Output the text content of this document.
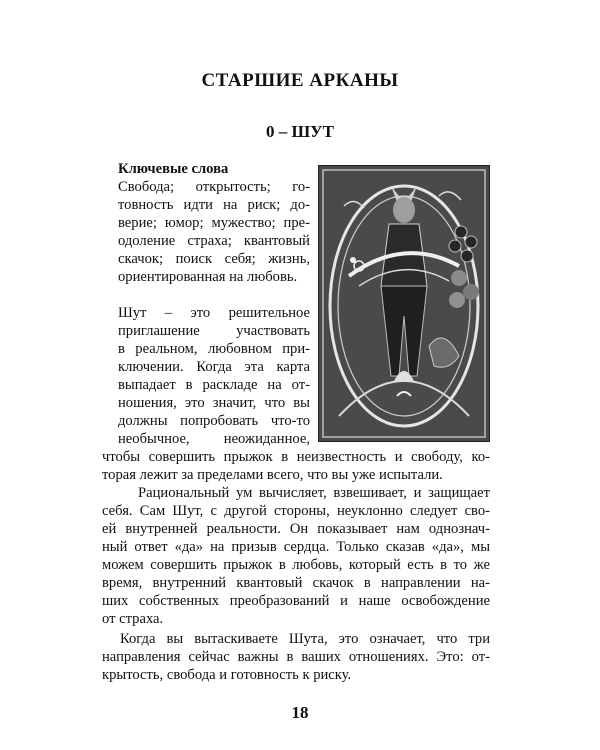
СТАРШИЕ АРКАНЫ
0 – ШУТ

Ключевые слова

Свобода; открытость; го-
товность идти на риск; до-
верие; юмор; мужество; пре-
одоление страха; квантовый
скачок; поиск себя; жизнь,
ориентированная на любовь.

Шут – это решительное
приглашение участвовать
в реальном, любовном при-
ключении. Когда эта карта
выпадает в раскладе на от-
ношения, это значит, что вы
должны попробовать что-то
необычное, неожиданное,

чтобы совершить прыжок в неизвестность и свободу, ко-
торая лежит за пределами всего, что вы уже испытали.
Рациональный ум вычисляет, взвешивает, и защищает
себя. Сам Шут, с другой стороны, неуклонно следует сво-
ей внутренней реальности. Он показывает нам однознач-
ный ответ «да» на призыв сердца. Только сказав «да», мы
можем совершить прыжок в любовь, который есть в то же
время, внутренний квантовый скачок в направлении на-
ших собственных преобразований и наше освобождение
от страха.
Когда вы вытаскиваете Шута, это означает, что три
направления сейчас важны в ваших отношениях. Это: от-
крытость, свобода и готовность к риску.
18
